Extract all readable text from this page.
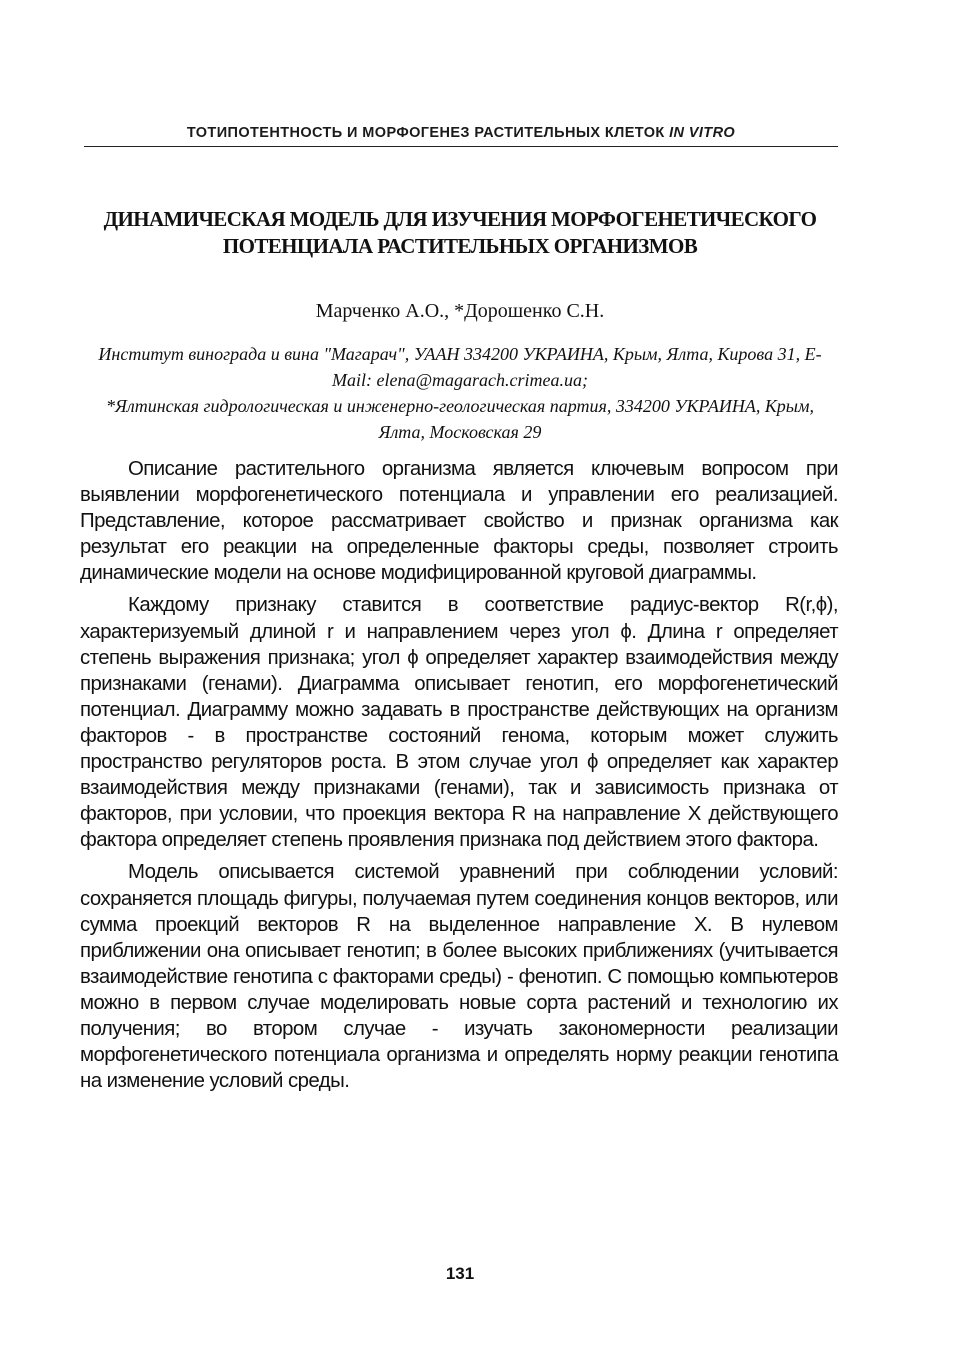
ТОТИПОТЕНТНОСТЬ И МОРФОГЕНЕЗ РАСТИТЕЛЬНЫХ КЛЕТОК IN VITRO
ДИНАМИЧЕСКАЯ МОДЕЛЬ ДЛЯ ИЗУЧЕНИЯ МОРФОГЕНЕТИЧЕСКОГО ПОТЕНЦИАЛА РАСТИТЕЛЬНЫХ ОРГАНИЗМОВ
Марченко А.О., *Дорошенко С.Н.
Институт винограда и вина "Магарач", УААН 334200 УКРАИНА, Крым, Ялта, Кирова 31, E-Mail: elena@magarach.crimea.ua;
*Ялтинская гидрологическая и инженерно-геологическая партия, 334200 УКРАИНА, Крым, Ялта, Московская 29

Описание растительного организма является ключевым вопросом при выявлении морфогенетического потенциала и управлении его реализацией. Представление, которое рассматривает свойство и признак организма как результат его реакции на определенные факторы среды, позволяет строить динамические модели на основе модифицированной круговой диаграммы.

Каждому признаку ставится в соответствие радиус-вектор R(r,ϕ), характеризуемый длиной r и направлением через угол ϕ. Длина r определяет степень выражения признака; угол ϕ определяет характер взаимодействия между признаками (генами). Диаграмма описывает генотип, его морфогенетический потенциал. Диаграмму можно задавать в пространстве действующих на организм факторов - в пространстве состояний генома, которым может служить пространство регуляторов роста. В этом случае угол ϕ определяет как характер взаимодействия между признаками (генами), так и зависимость признака от факторов, при условии, что проекция вектора R на направление X действующего фактора определяет степень проявления признака под действием этого фактора.

Модель описывается системой уравнений при соблюдении условий: сохраняется площадь фигуры, получаемая путем соединения концов векторов, или сумма проекций векторов R на выделенное направление X. В нулевом приближении она описывает генотип; в более высоких приближениях (учитывается взаимодействие генотипа с факторами среды) - фенотип. С помощью компьютеров можно в первом случае моделировать новые сорта растений и технологию их получения; во втором случае - изучать закономерности реализации морфогенетического потенциала организма и определять норму реакции генотипа на изменение условий среды.

131
